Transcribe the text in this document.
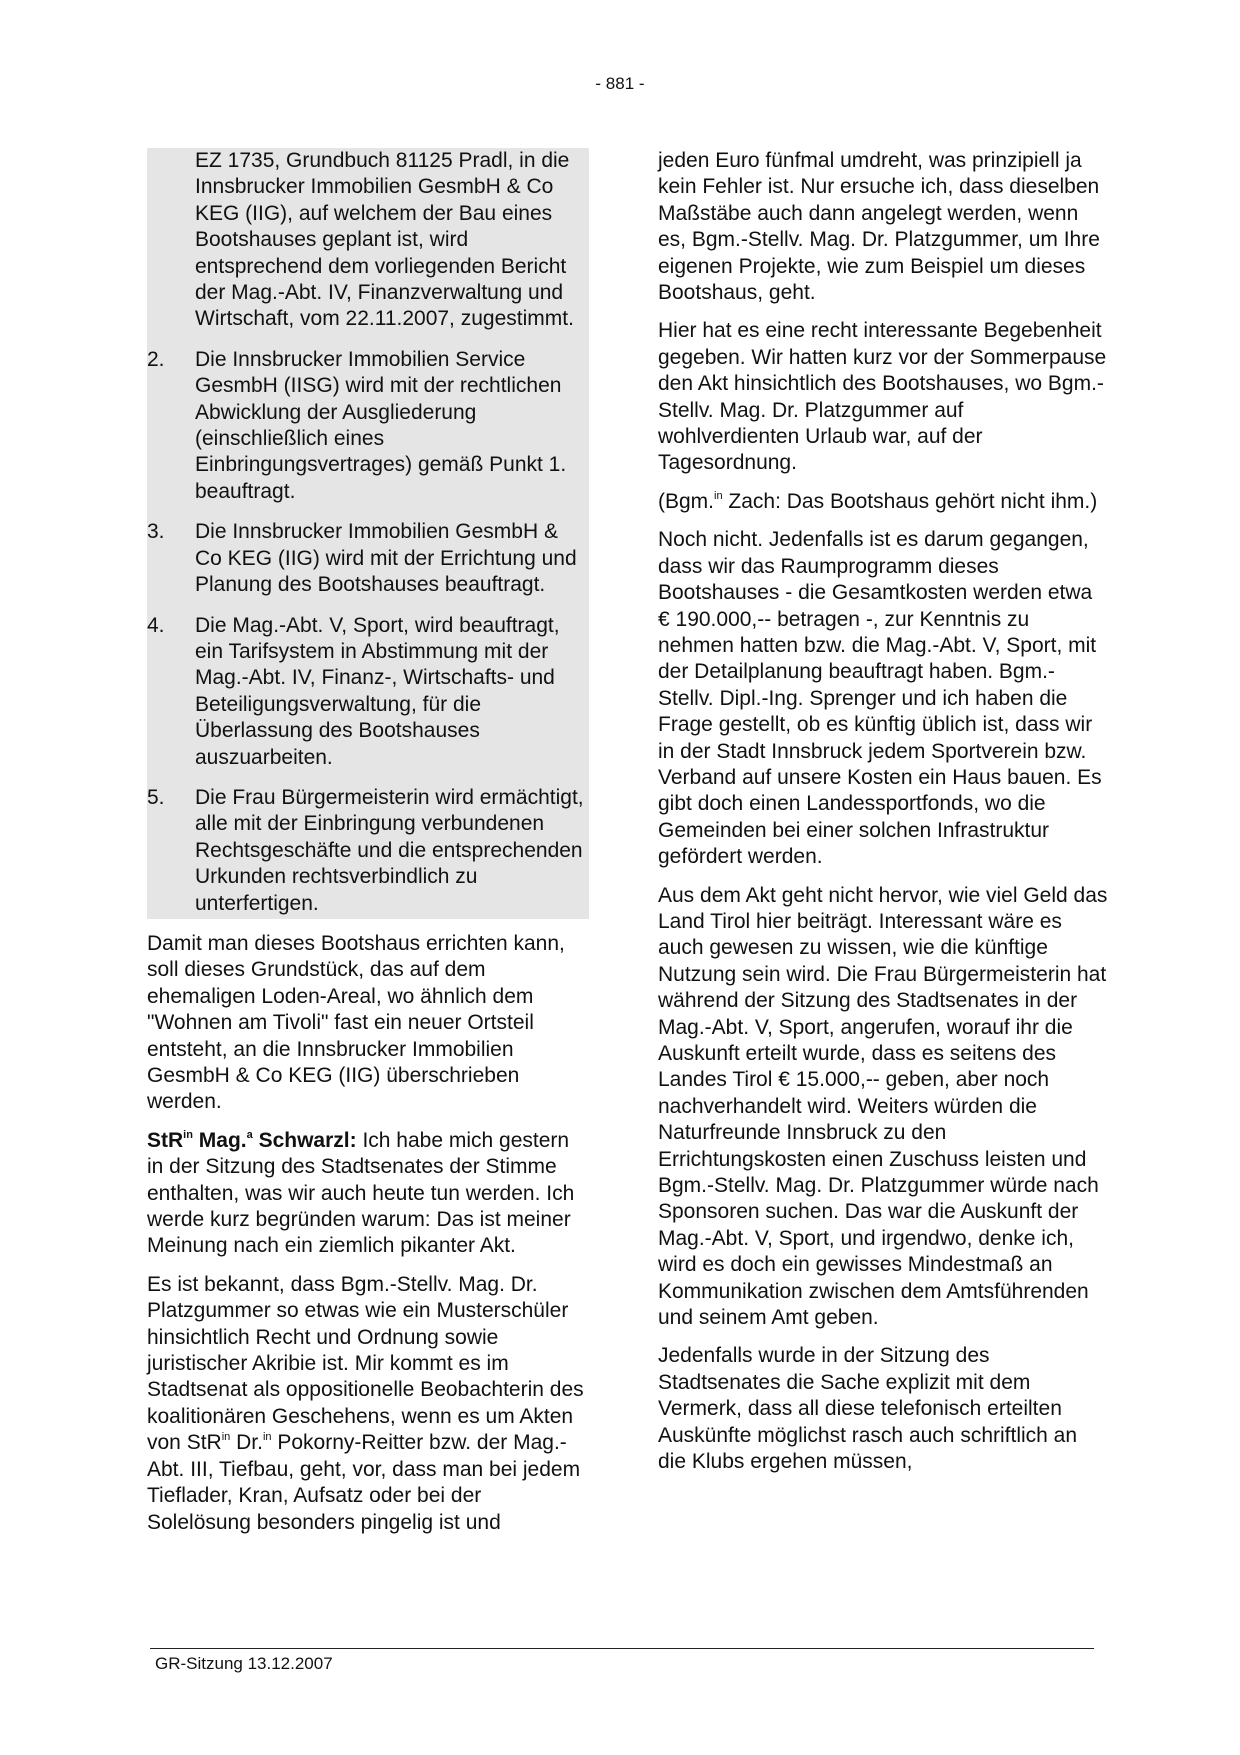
- 881 -

EZ 1735, Grundbuch 81125 Pradl, in die Innsbrucker Immobilien GesmbH & Co KEG (IIG), auf welchem der Bau eines Bootshauses geplant ist, wird entsprechend dem vorliegenden Bericht der Mag.-Abt. IV, Finanzverwaltung und Wirtschaft, vom 22.11.2007, zugestimmt.

2.	Die Innsbrucker Immobilien Service GesmbH (IISG) wird mit der rechtlichen Abwicklung der Ausgliederung (einschließlich eines Einbringungsvertrages) gemäß Punkt 1. beauftragt.
3.	Die Innsbrucker Immobilien GesmbH & Co KEG (IIG) wird mit der Errichtung und Planung des Bootshauses beauftragt.
4.	Die Mag.-Abt. V, Sport, wird beauftragt, ein Tarifsystem in Abstimmung mit der Mag.-Abt. IV, Finanz-, Wirtschafts- und Beteiligungsverwaltung, für die Überlassung des Bootshauses auszuarbeiten.
5.	Die Frau Bürgermeisterin wird ermächtigt, alle mit der Einbringung verbundenen Rechtsgeschäfte und die entsprechenden Urkunden rechtsverbindlich zu unterfertigen.

Damit man dieses Bootshaus errichten kann, soll dieses Grundstück, das auf dem ehemaligen Loden-Areal, wo ähnlich dem "Wohnen am Tivoli" fast ein neuer Ortsteil entsteht, an die Innsbrucker Immobilien GesmbH & Co KEG (IIG) überschrieben werden.

StR$^{in}$ Mag.$^a$ Schwarzl: Ich habe mich gestern in der Sitzung des Stadtsenates der Stimme enthalten, was wir auch heute tun werden. Ich werde kurz begründen warum: Das ist meiner Meinung nach ein ziemlich pikanter Akt.

Es ist bekannt, dass Bgm.-Stellv. Mag. Dr. Platzgummer so etwas wie ein Musterschüler hinsichtlich Recht und Ordnung sowie juristischer Akribie ist. Mir kommt es im Stadtsenat als oppositionelle Beobachterin des koalitionären Geschehens, wenn es um Akten von StR$^{in}$ Dr.$^{in}$ Pokorny-Reitter bzw. der Mag.-Abt. III, Tiefbau, geht, vor, dass man bei jedem Tieflader, Kran, Aufsatz oder bei der Solelösung besonders pingelig ist und

jeden Euro fünfmal umdreht, was prinzipiell ja kein Fehler ist. Nur ersuche ich, dass dieselben Maßstäbe auch dann angelegt werden, wenn es, Bgm.-Stellv. Mag. Dr. Platzgummer, um Ihre eigenen Projekte, wie zum Beispiel um dieses Bootshaus, geht.

Hier hat es eine recht interessante Begebenheit gegeben. Wir hatten kurz vor der Sommerpause den Akt hinsichtlich des Bootshauses, wo Bgm.-Stellv. Mag. Dr. Platzgummer auf wohlverdienten Urlaub war, auf der Tagesordnung.

(Bgm.$^{in}$ Zach: Das Bootshaus gehört nicht ihm.)

Noch nicht. Jedenfalls ist es darum gegangen, dass wir das Raumprogramm dieses Bootshauses - die Gesamtkosten werden etwa € 190.000,-- betragen -, zur Kenntnis zu nehmen hatten bzw. die Mag.-Abt. V, Sport, mit der Detailplanung beauftragt haben. Bgm.-Stellv. Dipl.-Ing. Sprenger und ich haben die Frage gestellt, ob es künftig üblich ist, dass wir in der Stadt Innsbruck jedem Sportverein bzw. Verband auf unsere Kosten ein Haus bauen. Es gibt doch einen Landessportfonds, wo die Gemeinden bei einer solchen Infrastruktur gefördert werden.

Aus dem Akt geht nicht hervor, wie viel Geld das Land Tirol hier beiträgt. Interessant wäre es auch gewesen zu wissen, wie die künftige Nutzung sein wird. Die Frau Bürgermeisterin hat während der Sitzung des Stadtsenates in der Mag.-Abt. V, Sport, angerufen, worauf ihr die Auskunft erteilt wurde, dass es seitens des Landes Tirol € 15.000,-- geben, aber noch nachverhandelt wird. Weiters würden die Naturfreunde Innsbruck zu den Errichtungskosten einen Zuschuss leisten und Bgm.-Stellv. Mag. Dr. Platzgummer würde nach Sponsoren suchen. Das war die Auskunft der Mag.-Abt. V, Sport, und irgendwo, denke ich, wird es doch ein gewisses Mindestmaß an Kommunikation zwischen dem Amtsführenden und seinem Amt geben.

Jedenfalls wurde in der Sitzung des Stadtsenates die Sache explizit mit dem Vermerk, dass all diese telefonisch erteilten Auskünfte möglichst rasch auch schriftlich an die Klubs ergehen müssen,

GR-Sitzung 13.12.2007
